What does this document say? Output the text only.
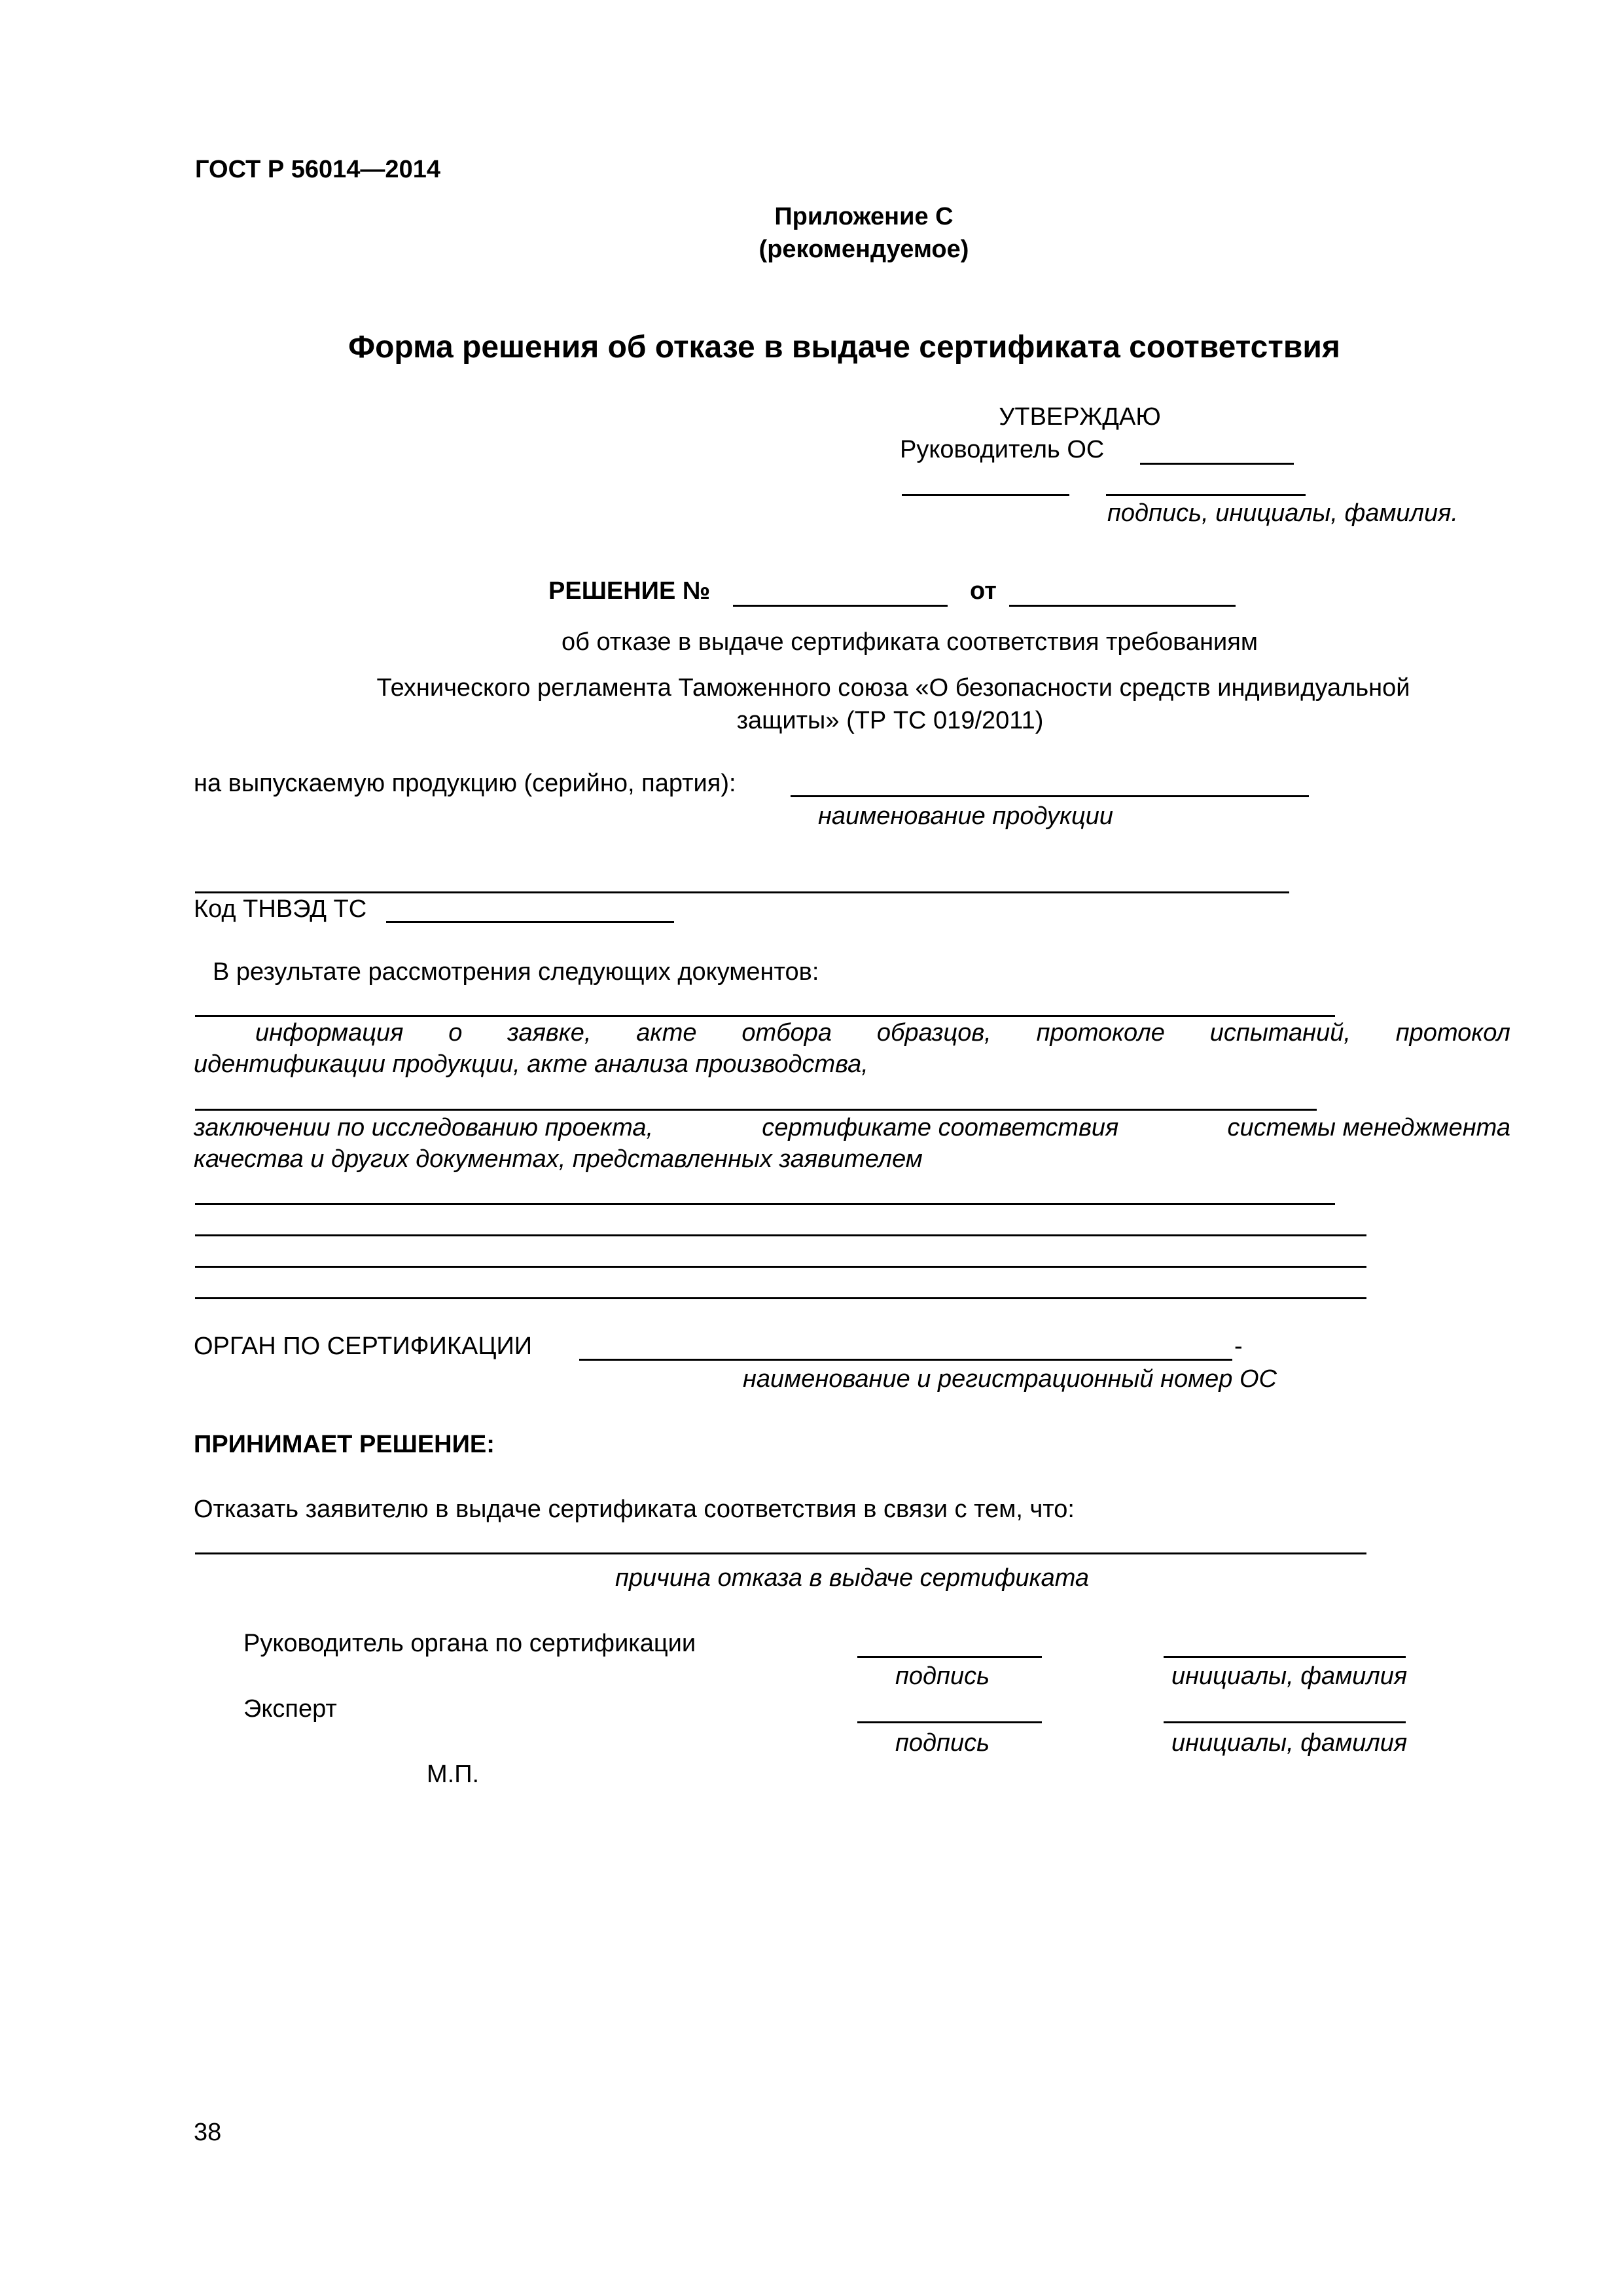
ГОСТ Р 56014—2014
Приложение С
(рекомендуемое)
Форма решения об отказе в выдаче сертификата соответствия
УТВЕРЖДАЮ
Руководитель ОС
подпись, инициалы, фамилия.
РЕШЕНИЕ №	от
об отказе в выдаче сертификата соответствия требованиям
Технического регламента Таможенного союза «О безопасности средств индивидуальной
защиты» (ТР ТС 019/2011)
на выпускаемую продукцию (серийно, партия):
наименование продукции
Код ТНВЭД ТС
В результате рассмотрения следующих документов:
информация о заявке, акте отбора образцов, протоколе испытаний, протокол
идентификации продукции, акте анализа производства,
заключении по исследованию проекта,	сертификате соответствия	системы менеджмента
качества и других документах, представленных заявителем
ОРГАН ПО СЕРТИФИКАЦИИ	-
наименование и регистрационный номер ОС
ПРИНИМАЕТ РЕШЕНИЕ:
Отказать заявителю в выдаче сертификата соответствия в связи с тем, что:
причина отказа в выдаче сертификата
Руководитель органа по сертификации
подпись	инициалы, фамилия
Эксперт
подпись	инициалы, фамилия
М.П.
38
